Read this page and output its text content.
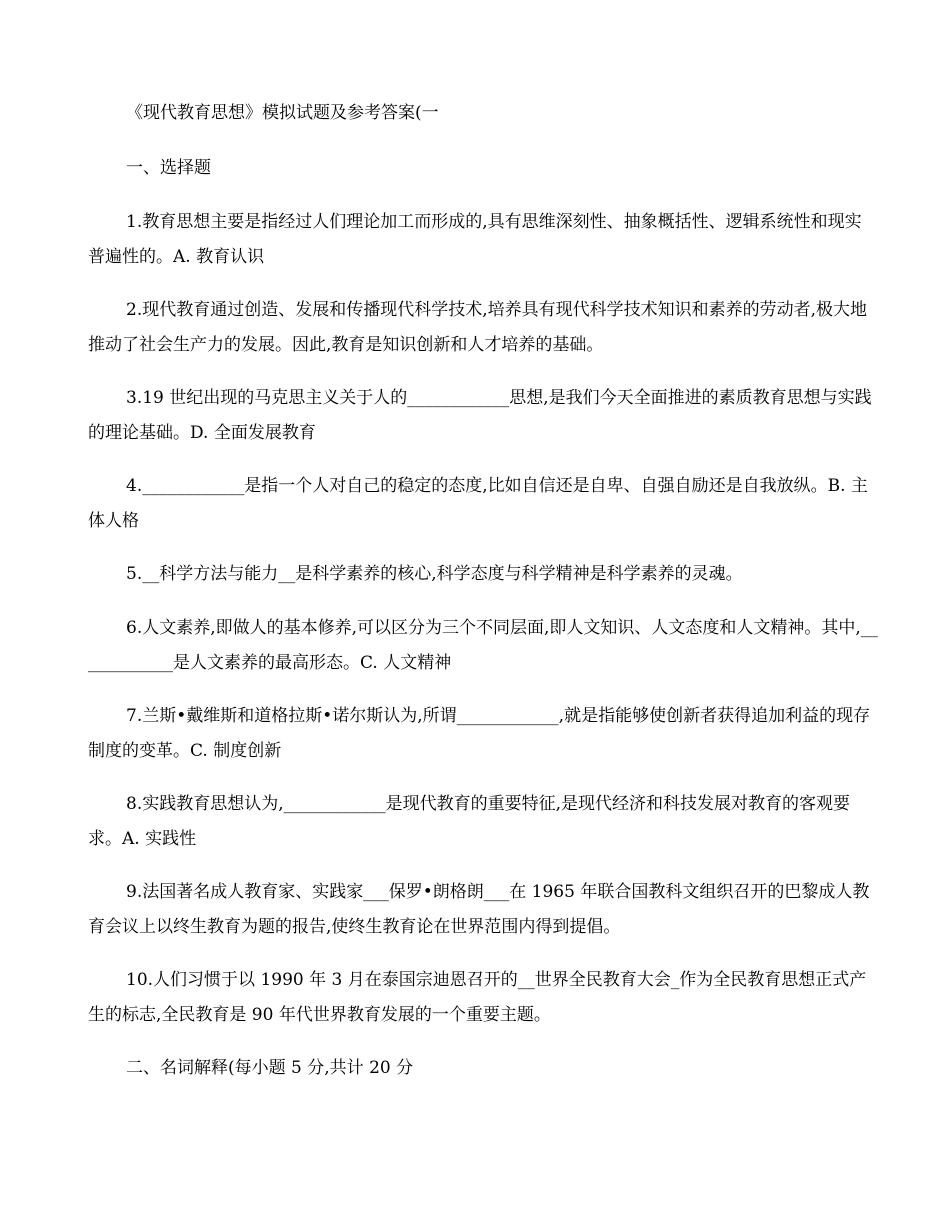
《现代教育思想》模拟试题及参考答案(一

一、选择题

1.教育思想主要是指经过人们理论加工而形成的,具有思维深刻性、抽象概括性、逻辑系统性和现实普遍性的。A. 教育认识

2.现代教育通过创造、发展和传播现代科学技术,培养具有现代科学技术知识和素养的劳动者,极大地推动了社会生产力的发展。因此,教育是知识创新和人才培养的基础。

3.19 世纪出现的马克思主义关于人的____________思想,是我们今天全面推进的素质教育思想与实践的理论基础。D. 全面发展教育

4.____________是指一个人对自己的稳定的态度,比如自信还是自卑、自强自励还是自我放纵。B. 主体人格

5.__科学方法与能力__是科学素养的核心,科学态度与科学精神是科学素养的灵魂。

6.人文素养,即做人的基本修养,可以区分为三个不同层面,即人文知识、人文态度和人文精神。其中,____________是人文素养的最高形态。C. 人文精神

7.兰斯•戴维斯和道格拉斯•诺尔斯认为,所谓____________,就是指能够使创新者获得追加利益的现存制度的变革。C. 制度创新

8.实践教育思想认为,____________是现代教育的重要特征,是现代经济和科技发展对教育的客观要求。A. 实践性

9.法国著名成人教育家、实践家___保罗•朗格朗___在 1965 年联合国教科文组织召开的巴黎成人教育会议上以终生教育为题的报告,使终生教育论在世界范围内得到提倡。

10.人们习惯于以 1990 年 3 月在泰国宗迪恩召开的__世界全民教育大会_作为全民教育思想正式产生的标志,全民教育是 90 年代世界教育发展的一个重要主题。

二、名词解释(每小题 5 分,共计 20 分
